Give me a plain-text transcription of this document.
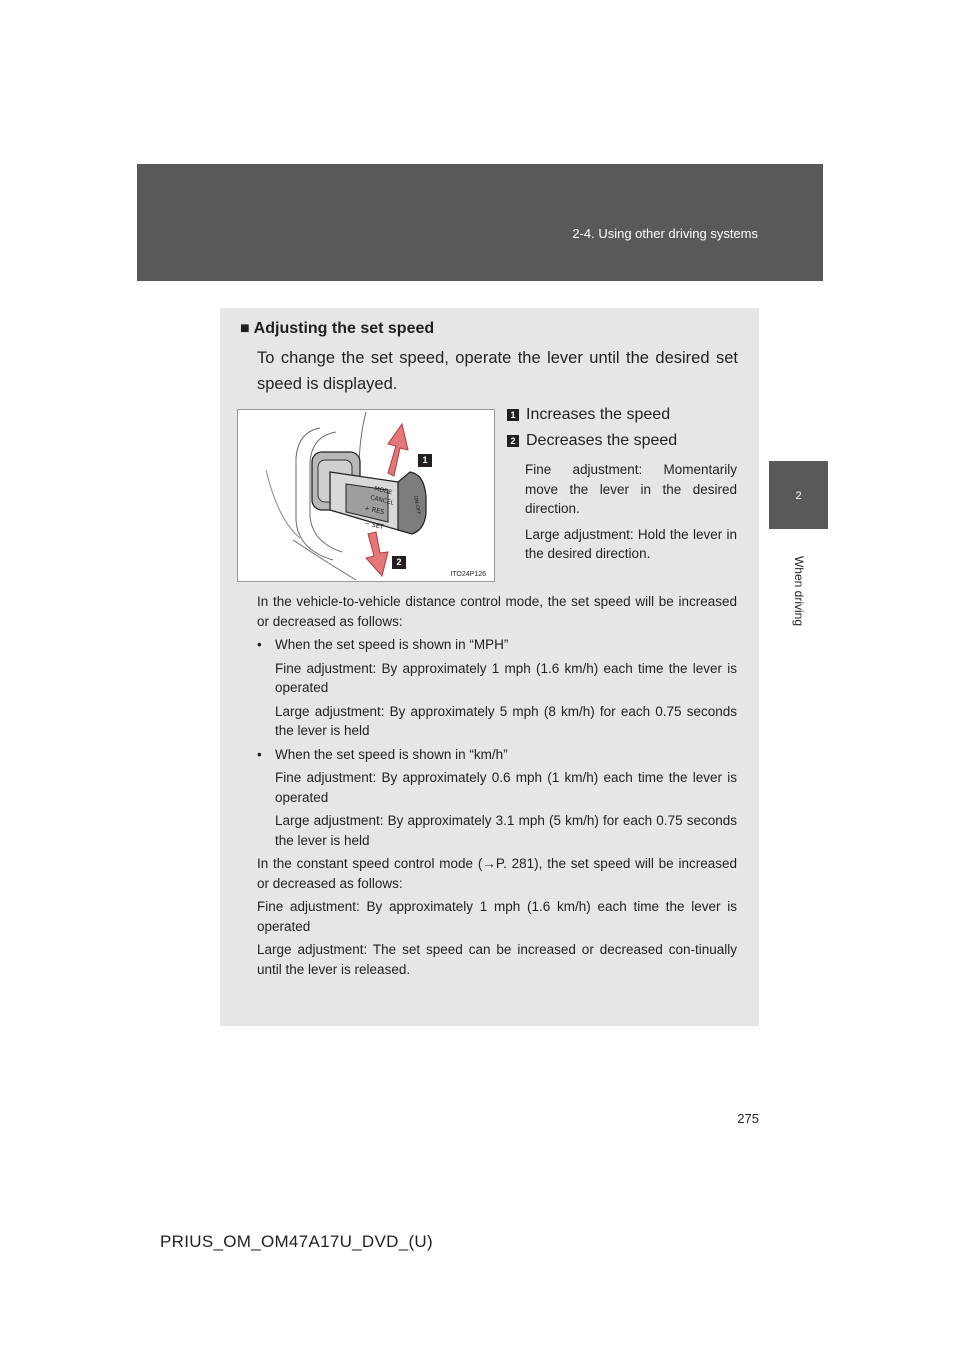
2-4. Using other driving systems
2
When driving
■ Adjusting the set speed
To change the set speed, operate the lever until the desired set speed is displayed.
MODE
CANCEL
+ RES
− SET
ON-OFF
1
2
ITO24P126
1 Increases the speed
2 Decreases the speed

Fine adjustment: Momentarily move the lever in the desired direction.

Large adjustment: Hold the lever in the desired direction.

In the vehicle-to-vehicle distance control mode, the set speed will be increased or decreased as follows:

• When the set speed is shown in “MPH”

Fine adjustment: By approximately 1 mph (1.6 km/h) each time the lever is operated

Large adjustment: By approximately 5 mph (8 km/h) for each 0.75 seconds the lever is held

• When the set speed is shown in “km/h”

Fine adjustment: By approximately 0.6 mph (1 km/h) each time the lever is operated

Large adjustment: By approximately 3.1 mph (5 km/h) for each 0.75 seconds the lever is held

In the constant speed control mode (→P. 281), the set speed will be increased or decreased as follows:

Fine adjustment: By approximately 1 mph (1.6 km/h) each time the lever is operated

Large adjustment: The set speed can be increased or decreased con-tinually until the lever is released.

275
PRIUS_OM_OM47A17U_DVD_(U)
